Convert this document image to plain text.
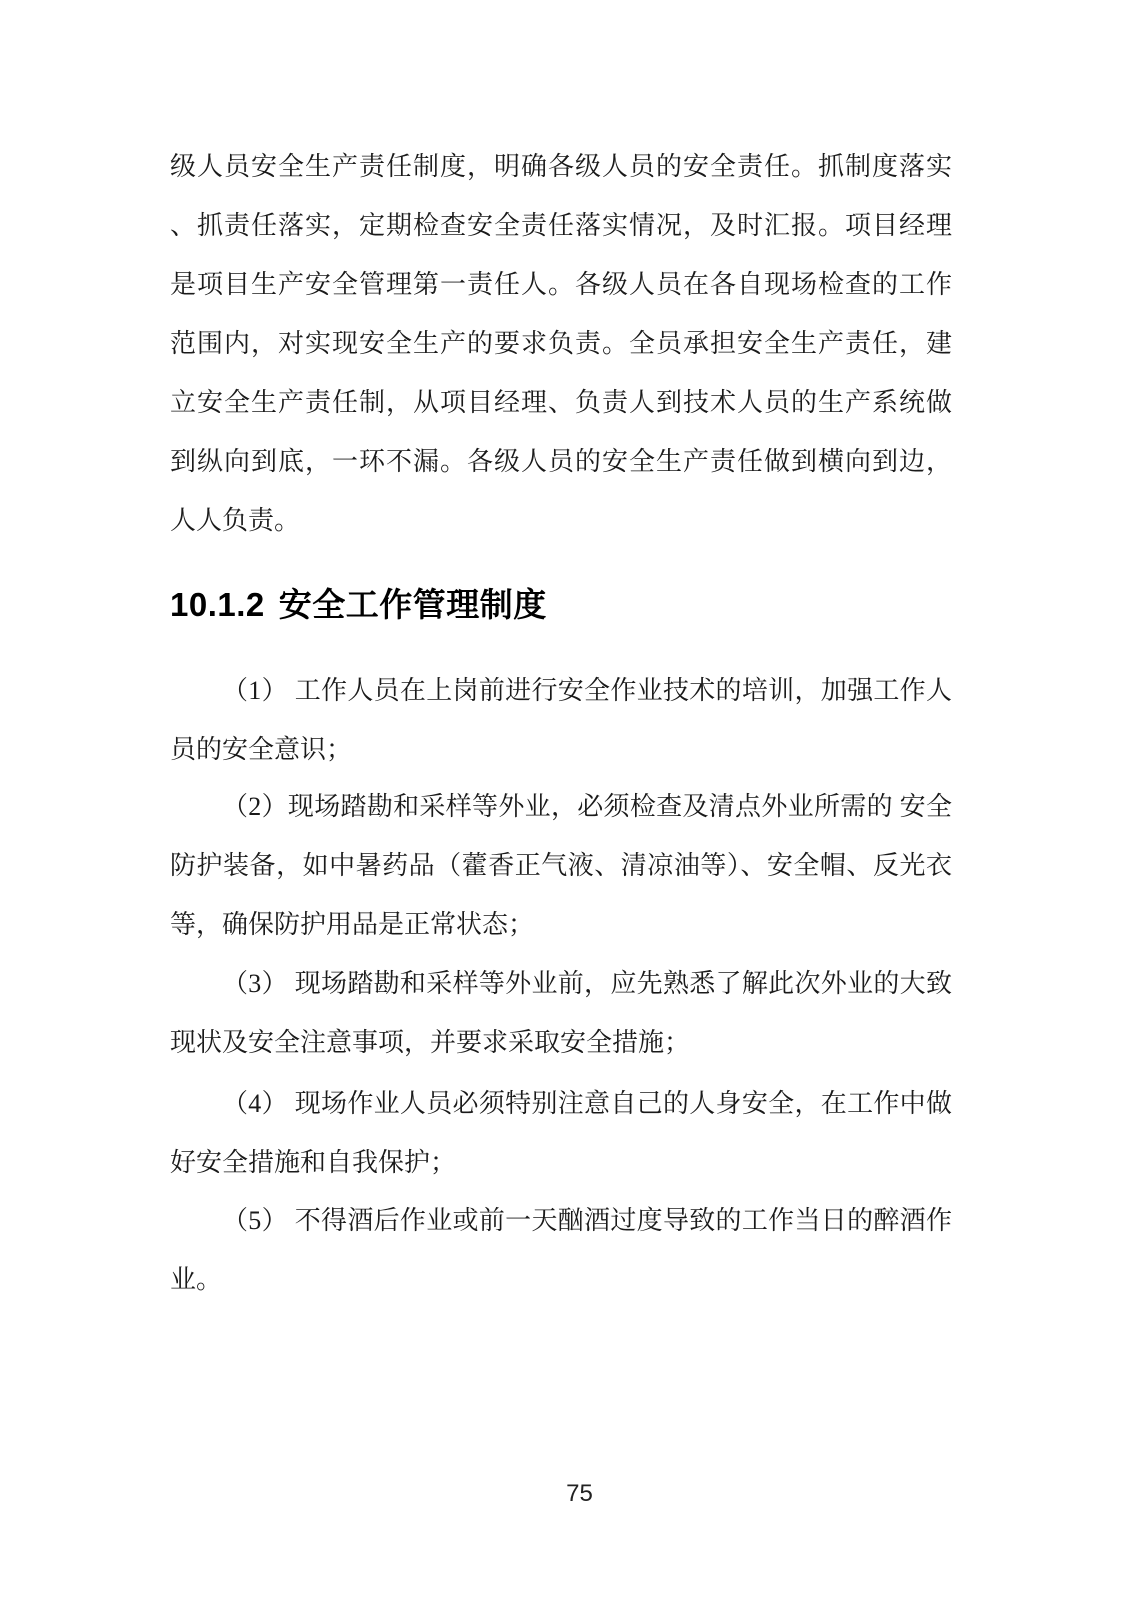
级人员安全生产责任制度，明确各级人员的安全责任。抓制度落实
、抓责任落实，定期检查安全责任落实情况，及时汇报。项目经理
是项目生产安全管理第一责任人。各级人员在各自现场检查的工作
范围内，对实现安全生产的要求负责。全员承担安全生产责任，建
立安全生产责任制，从项目经理、负责人到技术人员的生产系统做
到纵向到底，一环不漏。各级人员的安全生产责任做到横向到边，
人人负责。
10.1.2 安全工作管理制度
（1） 工作人员在上岗前进行安全作业技术的培训，加强工作人
员的安全意识；
（2）现场踏勘和采样等外业，必须检查及清点外业所需的 安全
防护装备，如中暑药品（藿香正气液、清凉油等）、安全帽、反光衣
等，确保防护用品是正常状态；
（3） 现场踏勘和采样等外业前，应先熟悉了解此次外业的大致
现状及安全注意事项，并要求采取安全措施；
（4） 现场作业人员必须特别注意自己的人身安全，在工作中做
好安全措施和自我保护；
（5） 不得酒后作业或前一天酗酒过度导致的工作当日的醉酒作
业。
75
